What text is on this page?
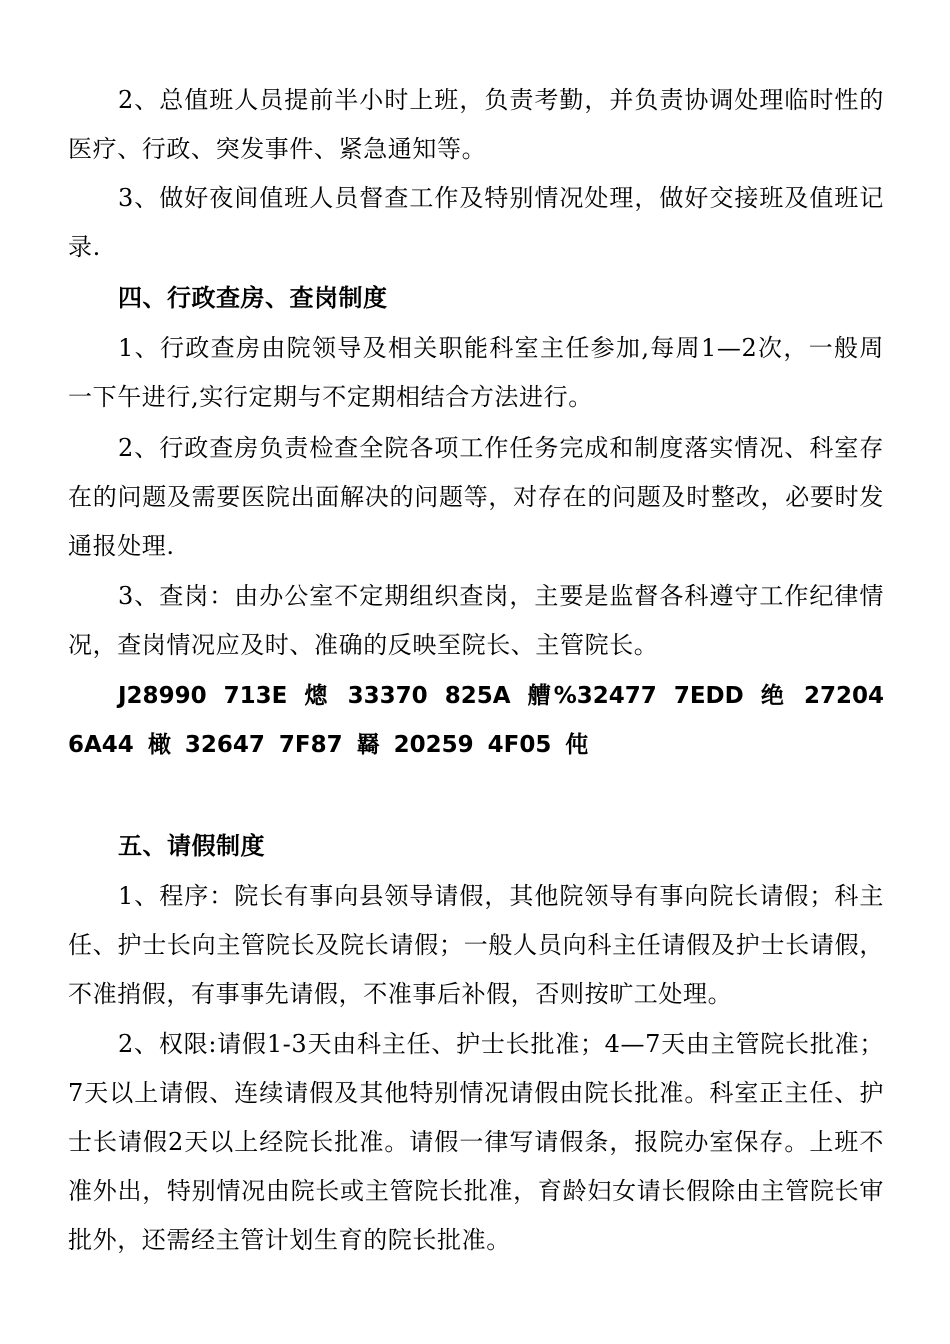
2、总值班人员提前半小时上班，负责考勤，并负责协调处理临时性的医疗、行政、突发事件、紧急通知等。

3、做好夜间值班人员督查工作及特别情况处理，做好交接班及值班记录.

四、行政查房、查岗制度

1、行政查房由院领导及相关职能科室主任参加,每周1—2次，一般周一下午进行,实行定期与不定期相结合方法进行。

2、行政查房负责检查全院各项工作任务完成和制度落实情况、科室存在的问题及需要医院出面解决的问题等，对存在的问题及时整改，必要时发通报处理.

3、查岗：由办公室不定期组织查岗，主要是监督各科遵守工作纪律情况，查岗情况应及时、准确的反映至院长、主管院长。

J28990 713E 熜 33370 825A 艚%32477 7EDD 绝 27204 6A44 橄 32647 7F87 羇 20259 4F05 伅

五、请假制度

1、程序：院长有事向县领导请假，其他院领导有事向院长请假；科主任、护士长向主管院长及院长请假；一般人员向科主任请假及护士长请假，不准捎假，有事事先请假，不准事后补假，否则按旷工处理。

2、权限:请假1-3天由科主任、护士长批准；4—7天由主管院长批准；7天以上请假、连续请假及其他特别情况请假由院长批准。科室正主任、护士长请假2天以上经院长批准。请假一律写请假条，报院办室保存。上班不准外出，特别情况由院长或主管院长批准，育龄妇女请长假除由主管院长审批外，还需经主管计划生育的院长批准。
